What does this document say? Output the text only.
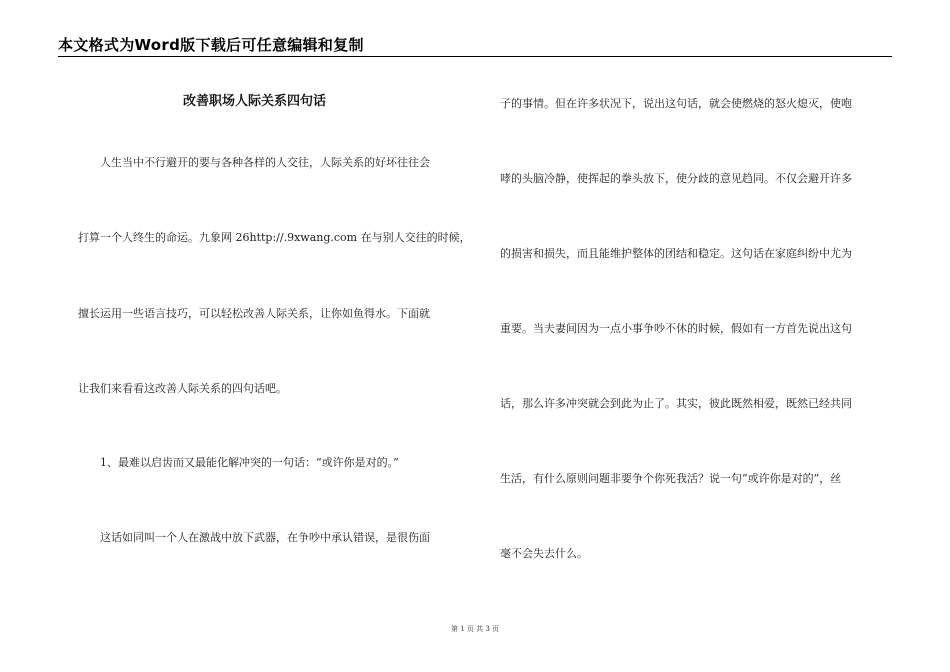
本文格式为Word版下载后可任意编辑和复制
改善职场人际关系四句话
人生当中不行避开的要与各种各样的人交往，人际关系的好坏往往会
打算一个人终生的命运。九象网 26http://.9xwang.com 在与别人交往的时候，
擅长运用一些语言技巧，可以轻松改善人际关系，让你如鱼得水。下面就
让我们来看看这改善人际关系的四句话吧。
1、最难以启齿而又最能化解冲突的一句话：“或许你是对的。”
这话如同叫一个人在激战中放下武器，在争吵中承认错误，是很伤面
子的事情。但在许多状况下，说出这句话，就会使燃烧的怒火熄灭，使咆
哮的头脑冷静，使挥起的拳头放下，使分歧的意见趋同。不仅会避开许多
的损害和损失，而且能维护整体的团结和稳定。这句话在家庭纠纷中尤为
重要。当夫妻间因为一点小事争吵不休的时候，假如有一方首先说出这句
话，那么许多冲突就会到此为止了。其实，彼此既然相爱，既然已经共同
生活，有什么原则问题非要争个你死我活？说一句“或许你是对的”，丝
毫不会失去什么。
第 1 页 共 3 页
